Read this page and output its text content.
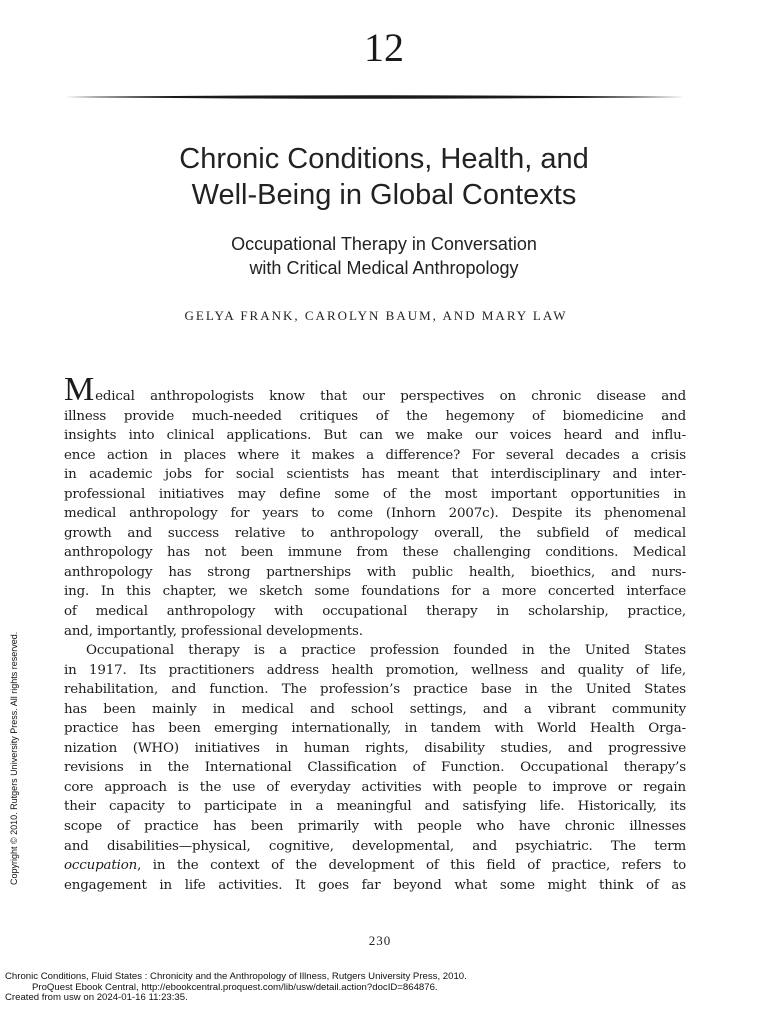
12
Chronic Conditions, Health, and
Well-Being in Global Contexts
Occupational Therapy in Conversation
with Critical Medical Anthropology
GELYA FRANK, CAROLYN BAUM, AND MARY LAW
Medical anthropologists know that our perspectives on chronic disease and
illness provide much-needed critiques of the hegemony of biomedicine and
insights into clinical applications. But can we make our voices heard and influ-
ence action in places where it makes a difference? For several decades a crisis
in academic jobs for social scientists has meant that interdisciplinary and inter-
professional initiatives may define some of the most important opportunities in
medical anthropology for years to come (Inhorn 2007c). Despite its phenomenal
growth and success relative to anthropology overall, the subfield of medical
anthropology has not been immune from these challenging conditions. Medical
anthropology has strong partnerships with public health, bioethics, and nurs-
ing. In this chapter, we sketch some foundations for a more concerted interface
of medical anthropology with occupational therapy in scholarship, practice,
and, importantly, professional developments.
Occupational therapy is a practice profession founded in the United States
in 1917. Its practitioners address health promotion, wellness and quality of life,
rehabilitation, and function. The profession’s practice base in the United States
has been mainly in medical and school settings, and a vibrant community
practice has been emerging internationally, in tandem with World Health Orga-
nization (WHO) initiatives in human rights, disability studies, and progressive
revisions in the International Classification of Function. Occupational therapy’s
core approach is the use of everyday activities with people to improve or regain
their capacity to participate in a meaningful and satisfying life. Historically, its
scope of practice has been primarily with people who have chronic illnesses
and disabilities—physical, cognitive, developmental, and psychiatric. The term
occupation, in the context of the development of this field of practice, refers to
engagement in life activities. It goes far beyond what some might think of as
230
Copyright © 2010. Rutgers University Press. All rights reserved.
Chronic Conditions, Fluid States : Chronicity and the Anthropology of Illness, Rutgers University Press, 2010.
ProQuest Ebook Central, http://ebookcentral.proquest.com/lib/usw/detail.action?docID=864876.
Created from usw on 2024-01-16 11:23:35.
